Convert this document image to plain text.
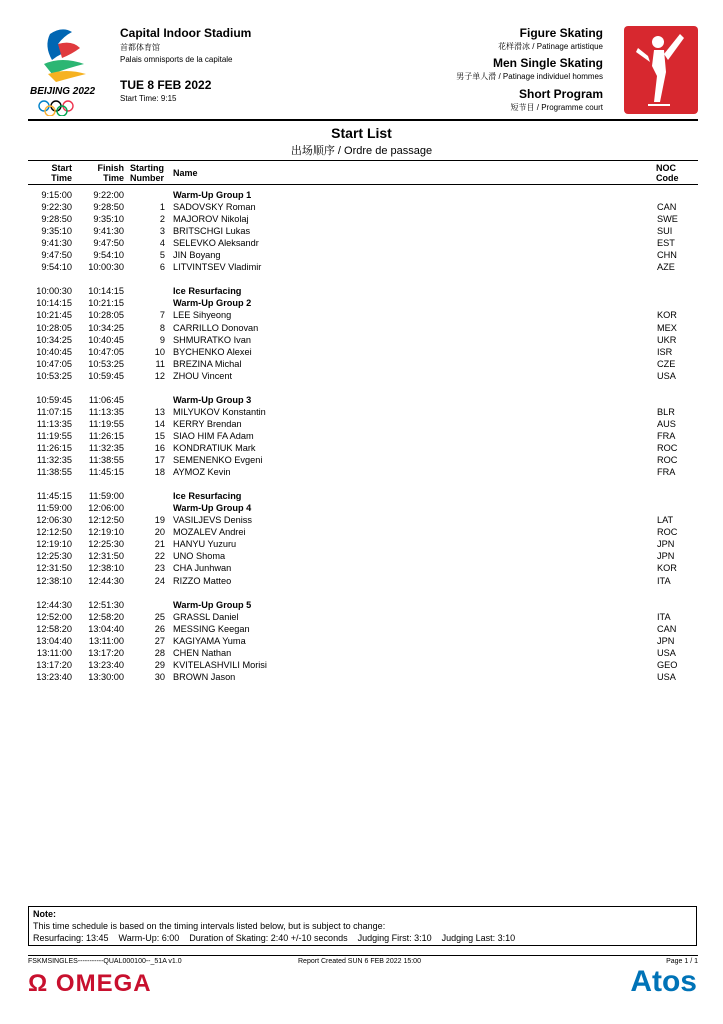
BEIJING 2022
Capital Indoor Stadium
首都体育馆
Palais omnisports de la capitale
TUE 8 FEB 2022
Start Time: 9:15
Figure Skating
花样滑冰 / Patinage artistique
Men Single Skating
男子单人滑 / Patinage individuel hommes
Short Program
短节目 / Programme court
Start List
出场顺序 / Ordre de passage
Start Time
Finish Time
Starting Number Name	NOC Code
9:15:00	9:22:00	Warm-Up Group 1
9:22:30	9:28:50	1 SADOVSKY Roman	CAN
9:28:50	9:35:10	2 MAJOROV Nikolaj	SWE
9:35:10	9:41:30	3 BRITSCHGI Lukas	SUI
9:41:30	9:47:50	4 SELEVKO Aleksandr	EST
9:47:50	9:54:10	5 JIN Boyang	CHN
9:54:10	10:00:30	6 LITVINTSEV Vladimir	AZE
10:00:30	10:14:15	Ice Resurfacing
10:14:15	10:21:15	Warm-Up Group 2
10:21:45	10:28:05	7 LEE Sihyeong	KOR
10:28:05	10:34:25	8 CARRILLO Donovan	MEX
10:34:25	10:40:45	9 SHMURATKO Ivan	UKR
10:40:45	10:47:05	10 BYCHENKO Alexei	ISR
10:47:05	10:53:25	11 BREZINA Michal	CZE
10:53:25	10:59:45	12 ZHOU Vincent	USA
10:59:45	11:06:45	Warm-Up Group 3
11:07:15	11:13:35	13 MILYUKOV Konstantin	BLR
11:13:35	11:19:55	14 KERRY Brendan	AUS
11:19:55	11:26:15	15 SIAO HIM FA Adam	FRA
11:26:15	11:32:35	16 KONDRATIUK Mark	ROC
11:32:35	11:38:55	17 SEMENENKO Evgeni	ROC
11:38:55	11:45:15	18 AYMOZ Kevin	FRA
11:45:15	11:59:00	Ice Resurfacing
11:59:00	12:06:00	Warm-Up Group 4
12:06:30	12:12:50	19 VASILJEVS Deniss	LAT
12:12:50	12:19:10	20 MOZALEV Andrei	ROC
12:19:10	12:25:30	21 HANYU Yuzuru	JPN
12:25:30	12:31:50	22 UNO Shoma	JPN
12:31:50	12:38:10	23 CHA Junhwan	KOR
12:38:10	12:44:30	24 RIZZO Matteo	ITA
12:44:30	12:51:30	Warm-Up Group 5
12:52:00	12:58:20	25 GRASSL Daniel	ITA
12:58:20	13:04:40	26 MESSING Keegan	CAN
13:04:40	13:11:00	27 KAGIYAMA Yuma	JPN
13:11:00	13:17:20	28 CHEN Nathan	USA
13:17:20	13:23:40	29 KVITELASHVILI Morisi	GEO
13:23:40	13:30:00	30 BROWN Jason	USA
Note:
This time schedule is based on the timing intervals listed below, but is subject to change:
Resurfacing: 13:45    Warm-Up: 6:00    Duration of Skating: 2:40 +/-10 seconds    Judging First: 3:10    Judging Last: 3:10
FSKMSINGLES-----------QUAL000100--_51A v1.0	Report Created SUN 6 FEB 2022 15:00	Page 1 / 1
Ω OMEGA	Atos
